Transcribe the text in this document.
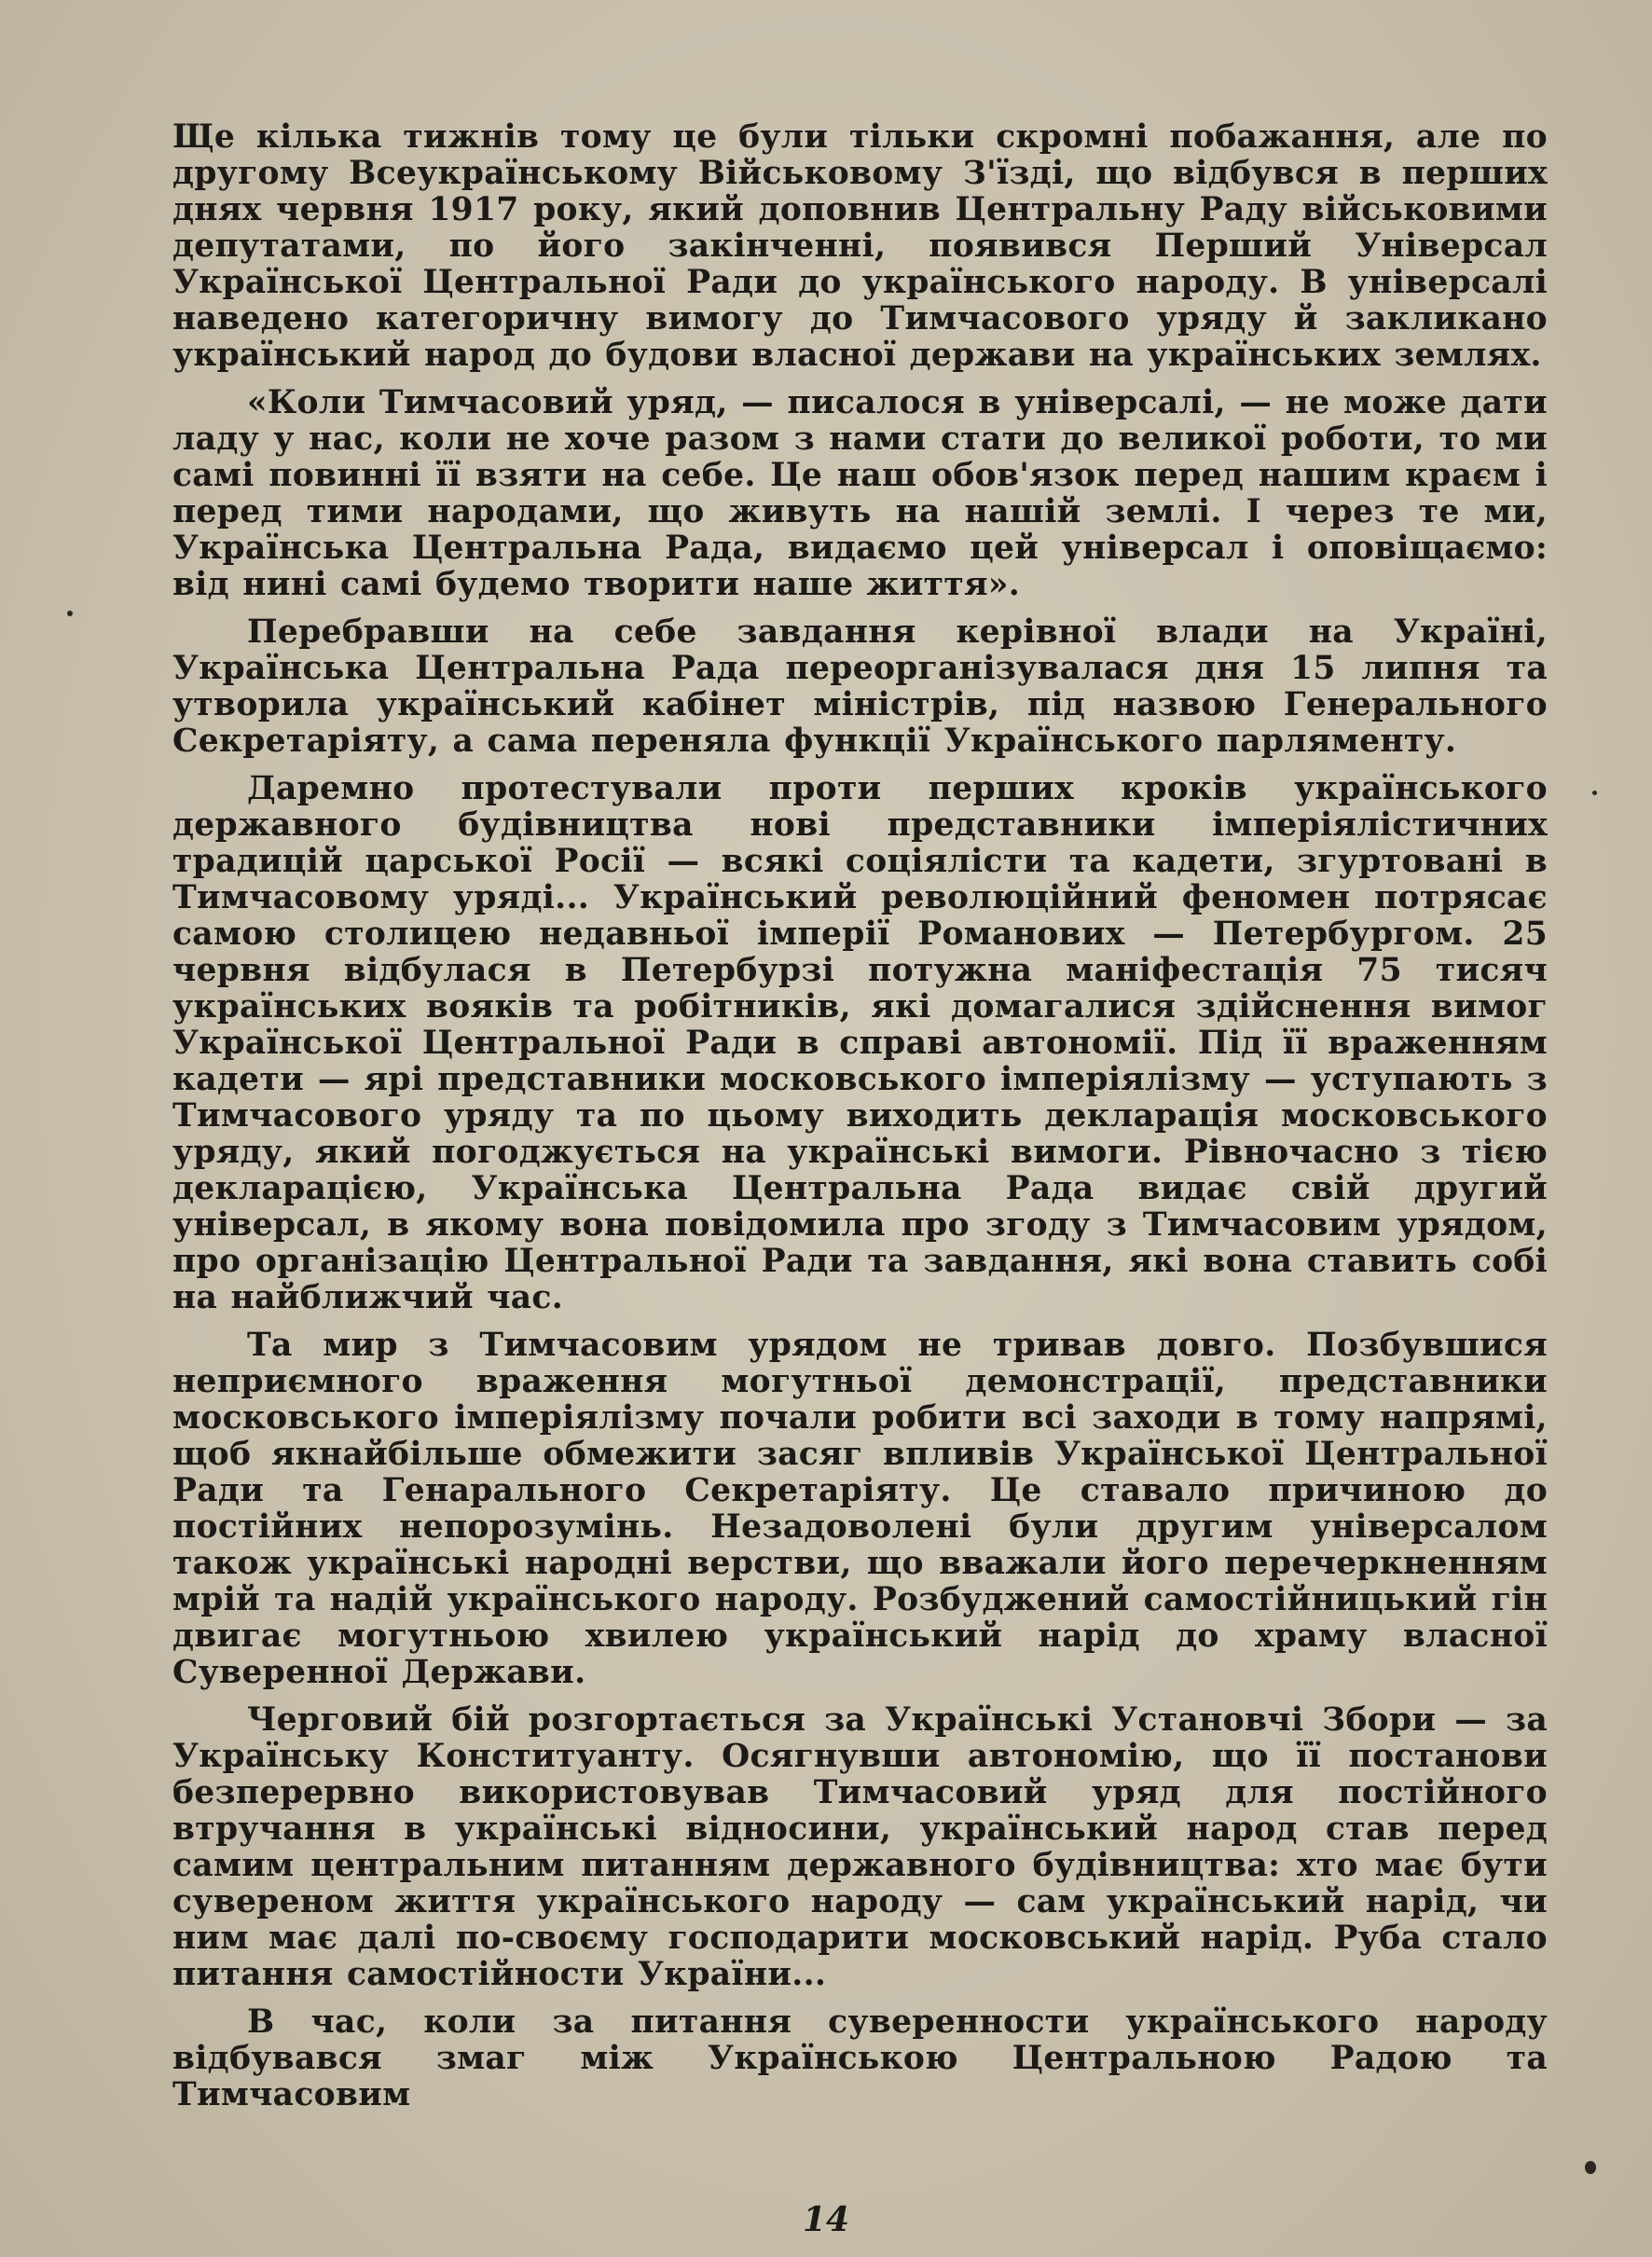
Ще кілька тижнів тому це були тільки скромні побажання, але по другому Всеукраїнському Військовому З'їзді, що відбувся в перших днях червня 1917 року, який доповнив Центральну Раду військовими депутатами, по його закінченні, появився Перший Універсал Української Центральної Ради до українського народу. В універсалі наведено категоричну вимогу до Тимчасового уряду й закликано український народ до будови власної держави на українських землях.

«Коли Тимчасовий уряд, — писалося в універсалі, — не може дати ладу у нас, коли не хоче разом з нами стати до великої роботи, то ми самі повинні її взяти на себе. Це наш обов'язок перед нашим краєм і перед тими народами, що живуть на нашій землі. І через те ми, Українська Центральна Рада, видаємо цей універсал і оповіщаємо: від нині самі будемо творити наше життя».

Перебравши на себе завдання керівної влади на Україні, Українська Центральна Рада переорганізувалася дня 15 липня та утворила український кабінет міністрів, під назвою Генерального Секретаріяту, а сама переняла функції Українського парляменту.

Даремно протестували проти перших кроків українського державного будівництва нові представники імперіялістичних традицій царської Росії — всякі соціялісти та кадети, згуртовані в Тимчасовому уряді... Український революційний феномен потрясає самою столицею недавньої імперії Романових — Петербургом. 25 червня відбулася в Петербурзі потужна маніфестація 75 тисяч українських вояків та робітників, які домагалися здійснення вимог Української Центральної Ради в справі автономії. Під її враженням кадети — ярі представники московського імперіялізму — уступають з Тимчасового уряду та по цьому виходить декларація московського уряду, який погоджується на українські вимоги. Рівночасно з тією декларацією, Українська Центральна Рада видає свій другий універсал, в якому вона повідомила про згоду з Тимчасовим урядом, про організацію Центральної Ради та завдання, які вона ставить собі на найближчий час.

Та мир з Тимчасовим урядом не тривав довго. Позбувшися неприємного враження могутньої демонстрації, представники московського імперіялізму почали робити всі заходи в тому напрямі, щоб якнайбільше обмежити засяг впливів Української Центральної Ради та Генарального Секретаріяту. Це ставало причиною до постійних непорозумінь. Незадоволені були другим універсалом також українські народні верстви, що вважали його перечеркненням мрій та надій українського народу. Розбуджений самостійницький гін двигає могутньою хвилею український нарід до храму власної Суверенної Держави.

Черговий бій розгортається за Українські Установчі Збори — за Українську Конституанту. Осягнувши автономію, що її постанови безперервно використовував Тимчасовий уряд для постійного втручання в українські відносини, український народ став перед самим центральним питанням державного будівництва: хто має бути сувереном життя українського народу — сам український нарід, чи ним має далі по-своєму господарити московський нарід. Руба стало питання самостійности України...

В час, коли за питання суверенности українського народу відбувався змаг між Українською Центральною Радою та Тимчасовим

14
